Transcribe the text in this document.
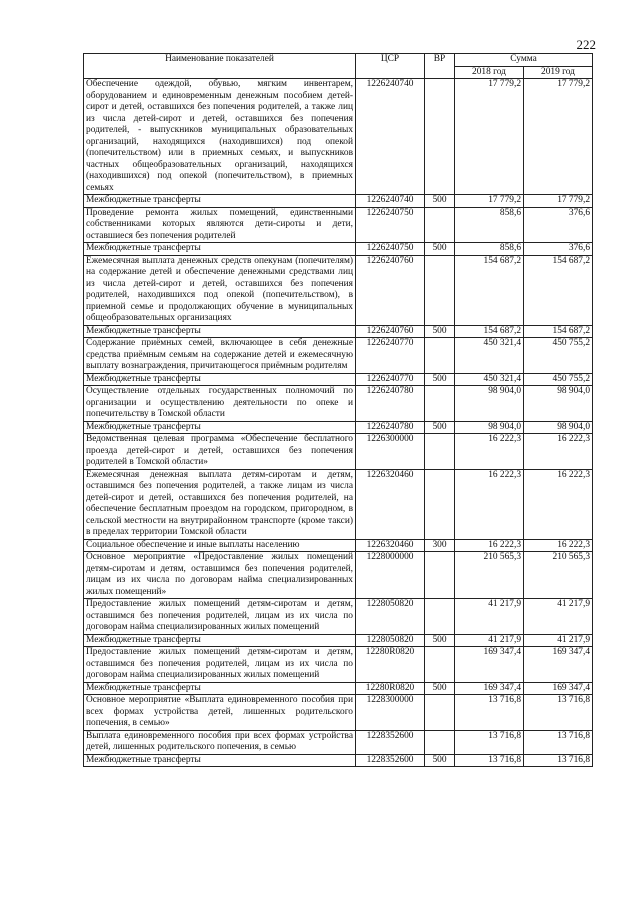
222
Наименование показателей	ЦСР	ВР	Сумма	
			2018 год	2019 год
Обеспечение одеждой, обувью, мягким инвентарем, оборудованием и единовременным денежным пособием детей-сирот и детей, оставшихся без попечения родителей, а также лиц из числа детей-сирот и детей, оставшихся без попечения родителей, - выпускников муниципальных образовательных организаций, находящихся (находившихся) под опекой (попечительством) или в приемных семьях, и выпускников частных общеобразовательных организаций, находящихся (находившихся) под опекой (попечительством), в приемных семьях	1226240740		17 779,2	17 779,2
Межбюджетные трансферты	1226240740	500	17 779,2	17 779,2
Проведение ремонта жилых помещений, единственными собственниками которых являются дети-сироты и дети, оставшиеся без попечения родителей	1226240750		858,6	376,6
Межбюджетные трансферты	1226240750	500	858,6	376,6
Ежемесячная выплата денежных средств опекунам (попечителям) на содержание детей и обеспечение денежными средствами лиц из числа детей-сирот и детей, оставшихся без попечения родителей, находившихся под опекой (попечительством), в приемной семье и продолжающих обучение в муниципальных общеобразовательных организациях	1226240760		154 687,2	154 687,2
Межбюджетные трансферты	1226240760	500	154 687,2	154 687,2
Содержание приёмных семей, включающее в себя денежные средства приёмным семьям на содержание детей и ежемесячную выплату вознаграждения, причитающегося приёмным родителям	1226240770		450 321,4	450 755,2
Межбюджетные трансферты	1226240770	500	450 321,4	450 755,2
Осуществление отдельных государственных полномочий по организации и осуществлению деятельности по опеке и попечительству в Томской области	1226240780		98 904,0	98 904,0
Межбюджетные трансферты	1226240780	500	98 904,0	98 904,0
Ведомственная целевая программа «Обеспечение бесплатного проезда детей-сирот и детей, оставшихся без попечения родителей в Томской области»	1226300000		16 222,3	16 222,3
Ежемесячная денежная выплата детям-сиротам и детям, оставшимся без попечения родителей, а также лицам из числа детей-сирот и детей, оставшихся без попечения родителей, на обеспечение бесплатным проездом на городском, пригородном, в сельской местности на внутрирайонном транспорте (кроме такси) в пределах территории Томской области	1226320460		16 222,3	16 222,3
Социальное обеспечение и иные выплаты населению	1226320460	300	16 222,3	16 222,3
Основное мероприятие «Предоставление жилых помещений детям-сиротам и детям, оставшимся без попечения родителей, лицам из их числа по договорам найма специализированных жилых помещений»	1228000000		210 565,3	210 565,3
Предоставление жилых помещений детям-сиротам и детям, оставшимся без попечения родителей, лицам из их числа по договорам найма специализированных жилых помещений	1228050820		41 217,9	41 217,9
Межбюджетные трансферты	1228050820	500	41 217,9	41 217,9
Предоставление жилых помещений детям-сиротам и детям, оставшимся без попечения родителей, лицам из их числа по договорам найма специализированных жилых помещений	12280R0820		169 347,4	169 347,4
Межбюджетные трансферты	12280R0820	500	169 347,4	169 347,4
Основное мероприятие «Выплата единовременного пособия при всех формах устройства детей, лишенных родительского попечения, в семью»	1228300000		13 716,8	13 716,8
Выплата единовременного пособия при всех формах устройства детей, лишенных родительского попечения, в семью	1228352600		13 716,8	13 716,8
Межбюджетные трансферты	1228352600	500	13 716,8	13 716,8
